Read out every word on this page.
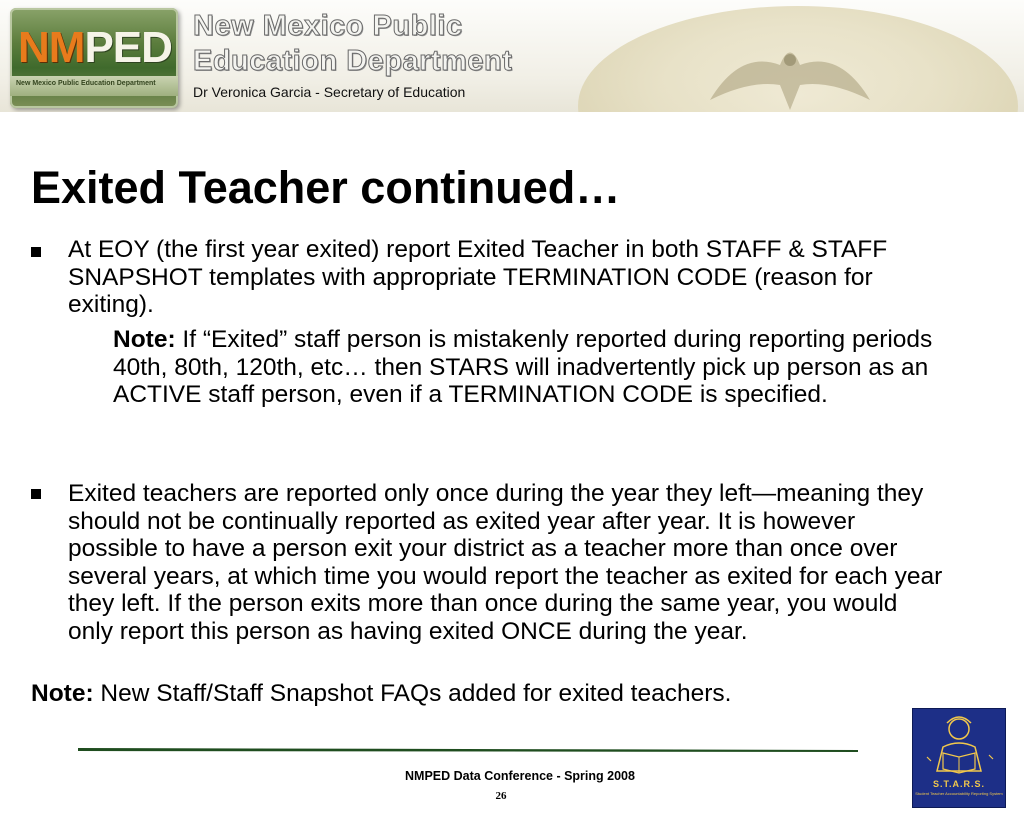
NMPED
New Mexico Public Education Department
New Mexico Public
Education Department
Dr Veronica Garcia - Secretary of Education
Exited Teacher continued…
At EOY (the first year exited) report Exited Teacher in both STAFF & STAFF SNAPSHOT templates with appropriate TERMINATION CODE (reason for exiting).
Note: If “Exited” staff person is mistakenly reported during reporting periods 40th, 80th, 120th, etc… then STARS will inadvertently pick up person as an ACTIVE staff person, even if a TERMINATION CODE is specified.
Exited teachers are reported only once during the year they left—meaning they should not be continually reported as exited year after year. It is however possible to have a person exit your district as a teacher more than once over several years, at which time you would report the teacher as exited for each year they left. If the person exits more than once during the same year, you would only report this person as having exited ONCE during the year.
Note: New Staff/Staff Snapshot FAQs added for exited teachers.
NMPED Data Conference - Spring 2008
26
S.T.A.R.S.
Student Teacher Accountability Reporting System
